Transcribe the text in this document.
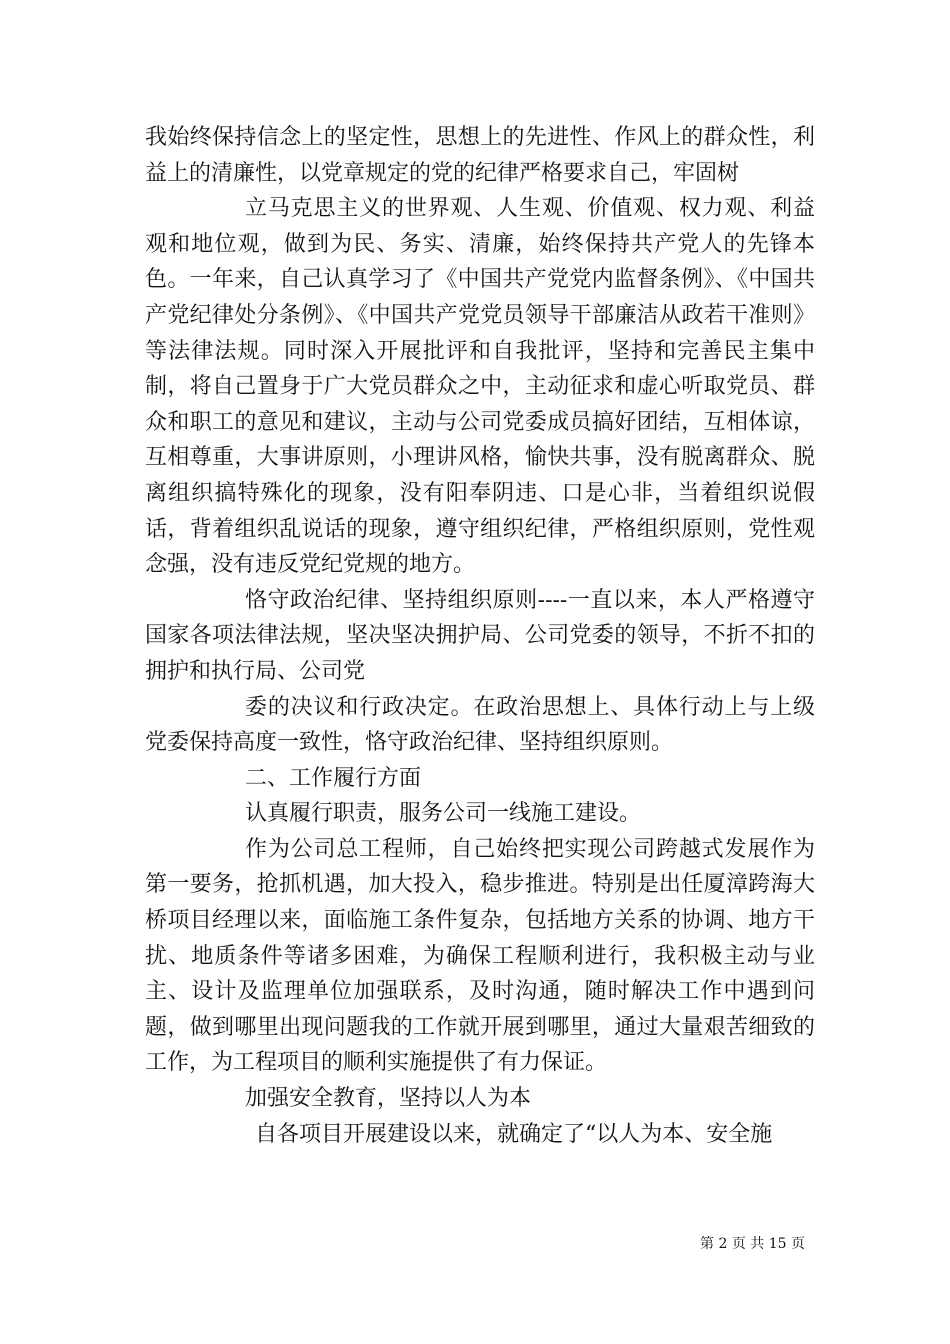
我始终保持信念上的坚定性，思想上的先进性、作风上的群众性，利益上的清廉性，以党章规定的党的纪律严格要求自己，牢固树

立马克思主义的世界观、人生观、价值观、权力观、利益观和地位观，做到为民、务实、清廉，始终保持共产党人的先锋本色。一年来，自己认真学习了《中国共产党党内监督条例》、《中国共产党纪律处分条例》、《中国共产党党员领导干部廉洁从政若干准则》等法律法规。同时深入开展批评和自我批评，坚持和完善民主集中制，将自己置身于广大党员群众之中，主动征求和虚心听取党员、群众和职工的意见和建议，主动与公司党委成员搞好团结，互相体谅，互相尊重，大事讲原则，小理讲风格，愉快共事，没有脱离群众、脱离组织搞特殊化的现象，没有阳奉阴违、口是心非，当着组织说假话，背着组织乱说话的现象，遵守组织纪律，严格组织原则，党性观念强，没有违反党纪党规的地方。

恪守政治纪律、坚持组织原则----一直以来，本人严格遵守国家各项法律法规，坚决坚决拥护局、公司党委的领导，不折不扣的拥护和执行局、公司党

委的决议和行政决定。在政治思想上、具体行动上与上级党委保持高度一致性，恪守政治纪律、坚持组织原则。

二、工作履行方面

认真履行职责，服务公司一线施工建设。

作为公司总工程师，自己始终把实现公司跨越式发展作为第一要务，抢抓机遇，加大投入，稳步推进。特别是出任厦漳跨海大桥项目经理以来，面临施工条件复杂，包括地方关系的协调、地方干扰、地质条件等诸多困难，为确保工程顺利进行，我积极主动与业主、设计及监理单位加强联系，及时沟通，随时解决工作中遇到问题，做到哪里出现问题我的工作就开展到哪里，通过大量艰苦细致的工作，为工程项目的顺利实施提供了有力保证。

加强安全教育，坚持以人为本

自各项目开展建设以来，就确定了“以人为本、安全施

第 2 页 共 15 页
